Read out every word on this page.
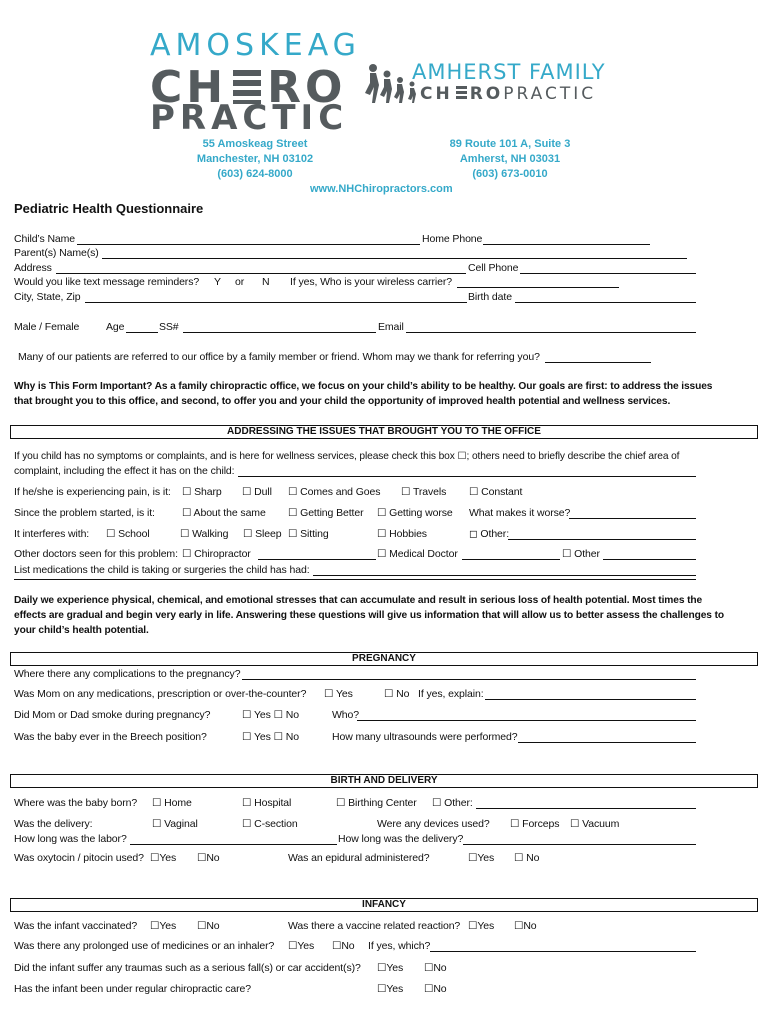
AMOSKEAG
CH RO
PRACTIC
55 Amoskeag Street
Manchester, NH 03102
(603) 624-8000
AMHERST FAMILY
CH ROPRACTIC
89 Route 101 A, Suite 3
Amherst, NH 03031
(603) 673-0010
www.NHChiropractors.com
Pediatric Health Questionnaire
Child’s Name	Home Phone
Parent(s) Name(s)
Address	Cell Phone
Would you like text message reminders? Y or N If yes, Who is your wireless carrier?
City, State, Zip	Birth date
Male / Female	Age	SS#	Email
Many of our patients are referred to our office by a family member or friend. Whom may we thank for referring you?
Why is This Form Important? As a family chiropractic office, we focus on your child’s ability to be healthy. Our goals are first: to address the issues
that brought you to this office, and second, to offer you and your child the opportunity of improved health potential and wellness services.
ADDRESSING THE ISSUES THAT BROUGHT YOU TO THE OFFICE
If you child has no symptoms or complaints, and is here for wellness services, please check this box ☐; others need to briefly describe the chief area of
complaint, including the effect it has on the child:
If he/she is experiencing pain, is it: ☐ Sharp ☐ Dull ☐ Comes and Goes ☐ Travels ☐ Constant
Since the problem started, is it:	☐ About the same ☐ Getting Better ☐ Getting worse What makes it worse?
It interferes with: ☐ School	☐ Walking ☐ Sleep ☐ Sitting	☐ Hobbies	◻ Other:
Other doctors seen for this problem: ☐ Chiropractor	☐ Medical Doctor	☐ Other
List medications the child is taking or surgeries the child has had:
Daily we experience physical, chemical, and emotional stresses that can accumulate and result in serious loss of health potential. Most times the
effects are gradual and begin very early in life. Answering these questions will give us information that will allow us to better assess the challenges to
your child’s health potential.
PREGNANCY
Where there any complications to the pregnancy?
Was Mom on any medications, prescription or over-the-counter? ☐ Yes	☐ No If yes, explain:
Did Mom or Dad smoke during pregnancy?	☐ Yes ☐ No	Who?
Was the baby ever in the Breech position?	☐ Yes ☐ No	How many ultrasounds were performed?
BIRTH AND DELIVERY
Where was the baby born? ☐ Home	☐ Hospital	☐ Birthing Center ☐ Other:
Was the delivery:	☐ Vaginal	☐ C-section	Were any devices used? ☐ Forceps ☐ Vacuum
How long was the labor?	How long was the delivery?
Was oxytocin / pitocin used? ☐Yes ☐No	Was an epidural administered?	☐Yes ☐ No
INFANCY
Was the infant vaccinated? ☐Yes ☐No	Was there a vaccine related reaction? ☐Yes ☐No
Was there any prolonged use of medicines or an inhaler? ☐Yes ☐No If yes, which?
Did the infant suffer any traumas such as a serious fall(s) or car accident(s)? ☐Yes ☐No
Has the infant been under regular chiropractic care?	☐Yes ☐No
